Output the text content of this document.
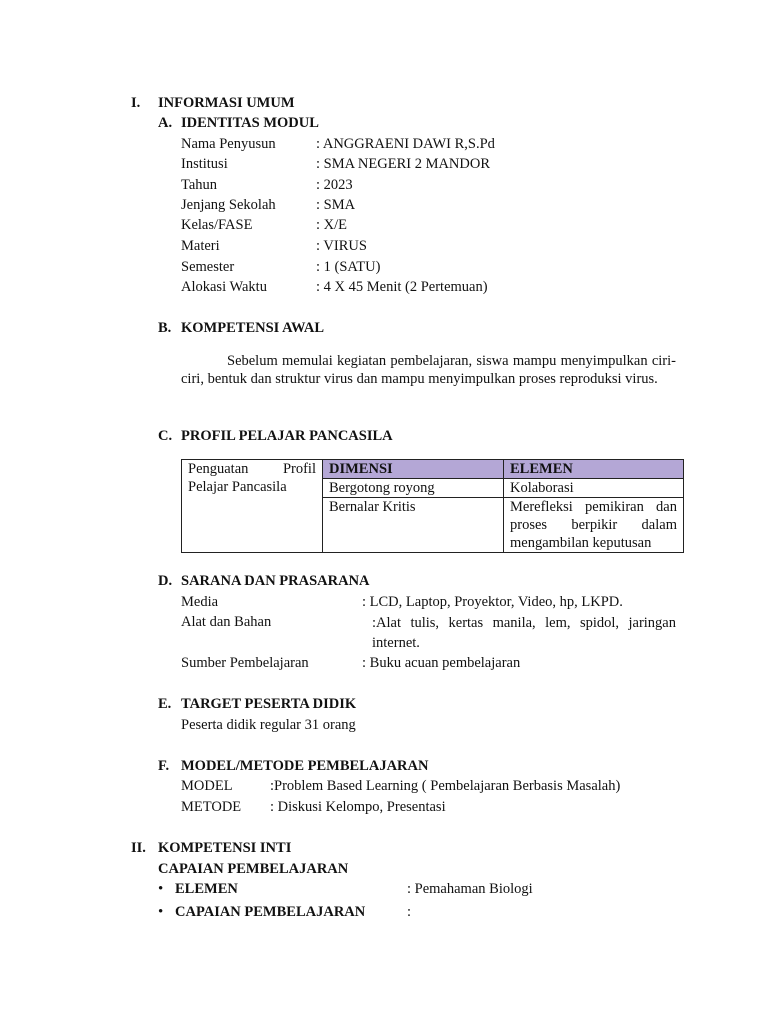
I. INFORMASI UMUM
A. IDENTITAS MODUL
Nama Penyusun	: ANGGRAENI DAWI R,S.Pd
Institusi	: SMA NEGERI 2 MANDOR
Tahun	: 2023
Jenjang Sekolah	: SMA
Kelas/FASE	: X/E
Materi	: VIRUS
Semester	: 1 (SATU)
Alokasi Waktu	: 4 X 45 Menit (2 Pertemuan)
B. KOMPETENSI AWAL
Sebelum memulai kegiatan pembelajaran, siswa mampu menyimpulkan ciri-ciri, bentuk dan struktur virus dan mampu menyimpulkan proses reproduksi virus.
C. PROFIL PELAJAR PANCASILA
Penguatan Profil Pelajar Pancasila	DIMENSI	ELEMEN
	Bergotong royong	Kolaborasi
	Bernalar Kritis	Merefleksi pemikiran dan proses berpikir dalam mengambilan keputusan
D. SARANA DAN PRASARANA
Media	: LCD, Laptop, Proyektor, Video, hp, LKPD.
Alat dan Bahan	:Alat tulis, kertas manila, lem, spidol, jaringan internet.
Sumber Pembelajaran	: Buku acuan pembelajaran
E. TARGET PESERTA DIDIK
Peserta didik regular 31 orang
F. MODEL/METODE PEMBELAJARAN
MODEL	:Problem Based Learning ( Pembelajaran Berbasis Masalah)
METODE : Diskusi Kelompo, Presentasi
II. KOMPETENSI INTI
CAPAIAN PEMBELAJARAN
• ELEMEN	: Pemahaman Biologi
• CAPAIAN PEMBELAJARAN	:
